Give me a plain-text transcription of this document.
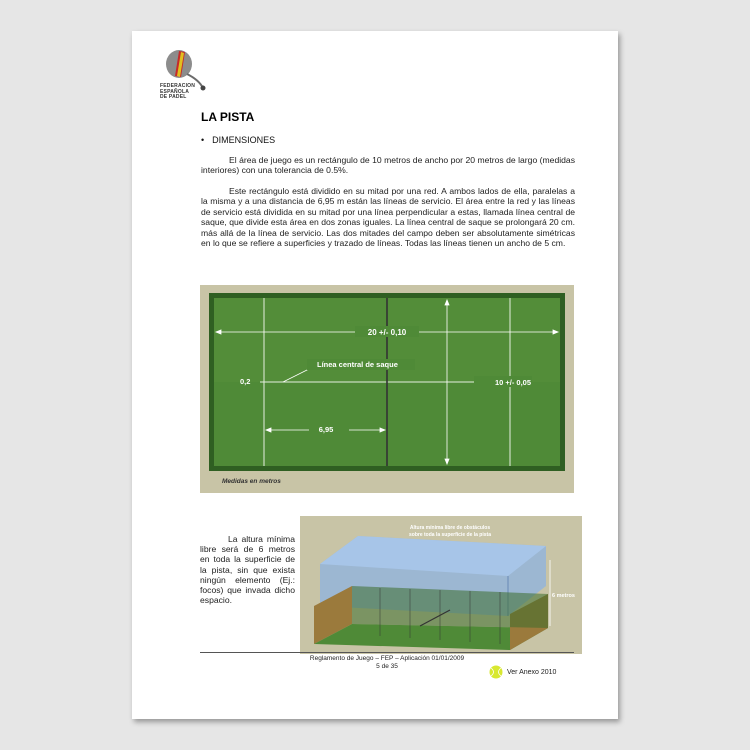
FEDERACION
ESPAÑOLA
DE PADEL
LA PISTA
• DIMENSIONES
El área de juego es un rectángulo de 10 metros de ancho por 20 metros de largo (medidas interiores) con una tolerancia de 0.5%.
Este rectángulo está dividido en su mitad por una red. A ambos lados de ella, paralelas a la misma y a una distancia de 6,95 m están las líneas de servicio. El área entre la red y las líneas de servicio está dividida en su mitad por una línea perpendicular a estas, llamada línea central de saque, que divide esta área en dos zonas iguales. La línea central de saque se prolongará 20 cm. más allá de la línea de servicio. Las dos mitades del campo deben ser absolutamente simétricas en lo que se refiere a superficies y trazado de líneas. Todas las líneas tienen un ancho de 5 cm.
20 +/- 0,10
Línea central de saque
0,2	10 +/- 0,05
6,95
Medidas en metros
La altura mínima libre será de 6 metros en toda la superficie de la pista, sin que exista ningún elemento (Ej.: focos) que invada dicho espacio.
Altura mínima libre de obstáculos
sobre toda la superficie de la pista
6 metros
Reglamento de Juego – FEP – Aplicación 01/01/2009
5 de 35
Ver Anexo 2010
